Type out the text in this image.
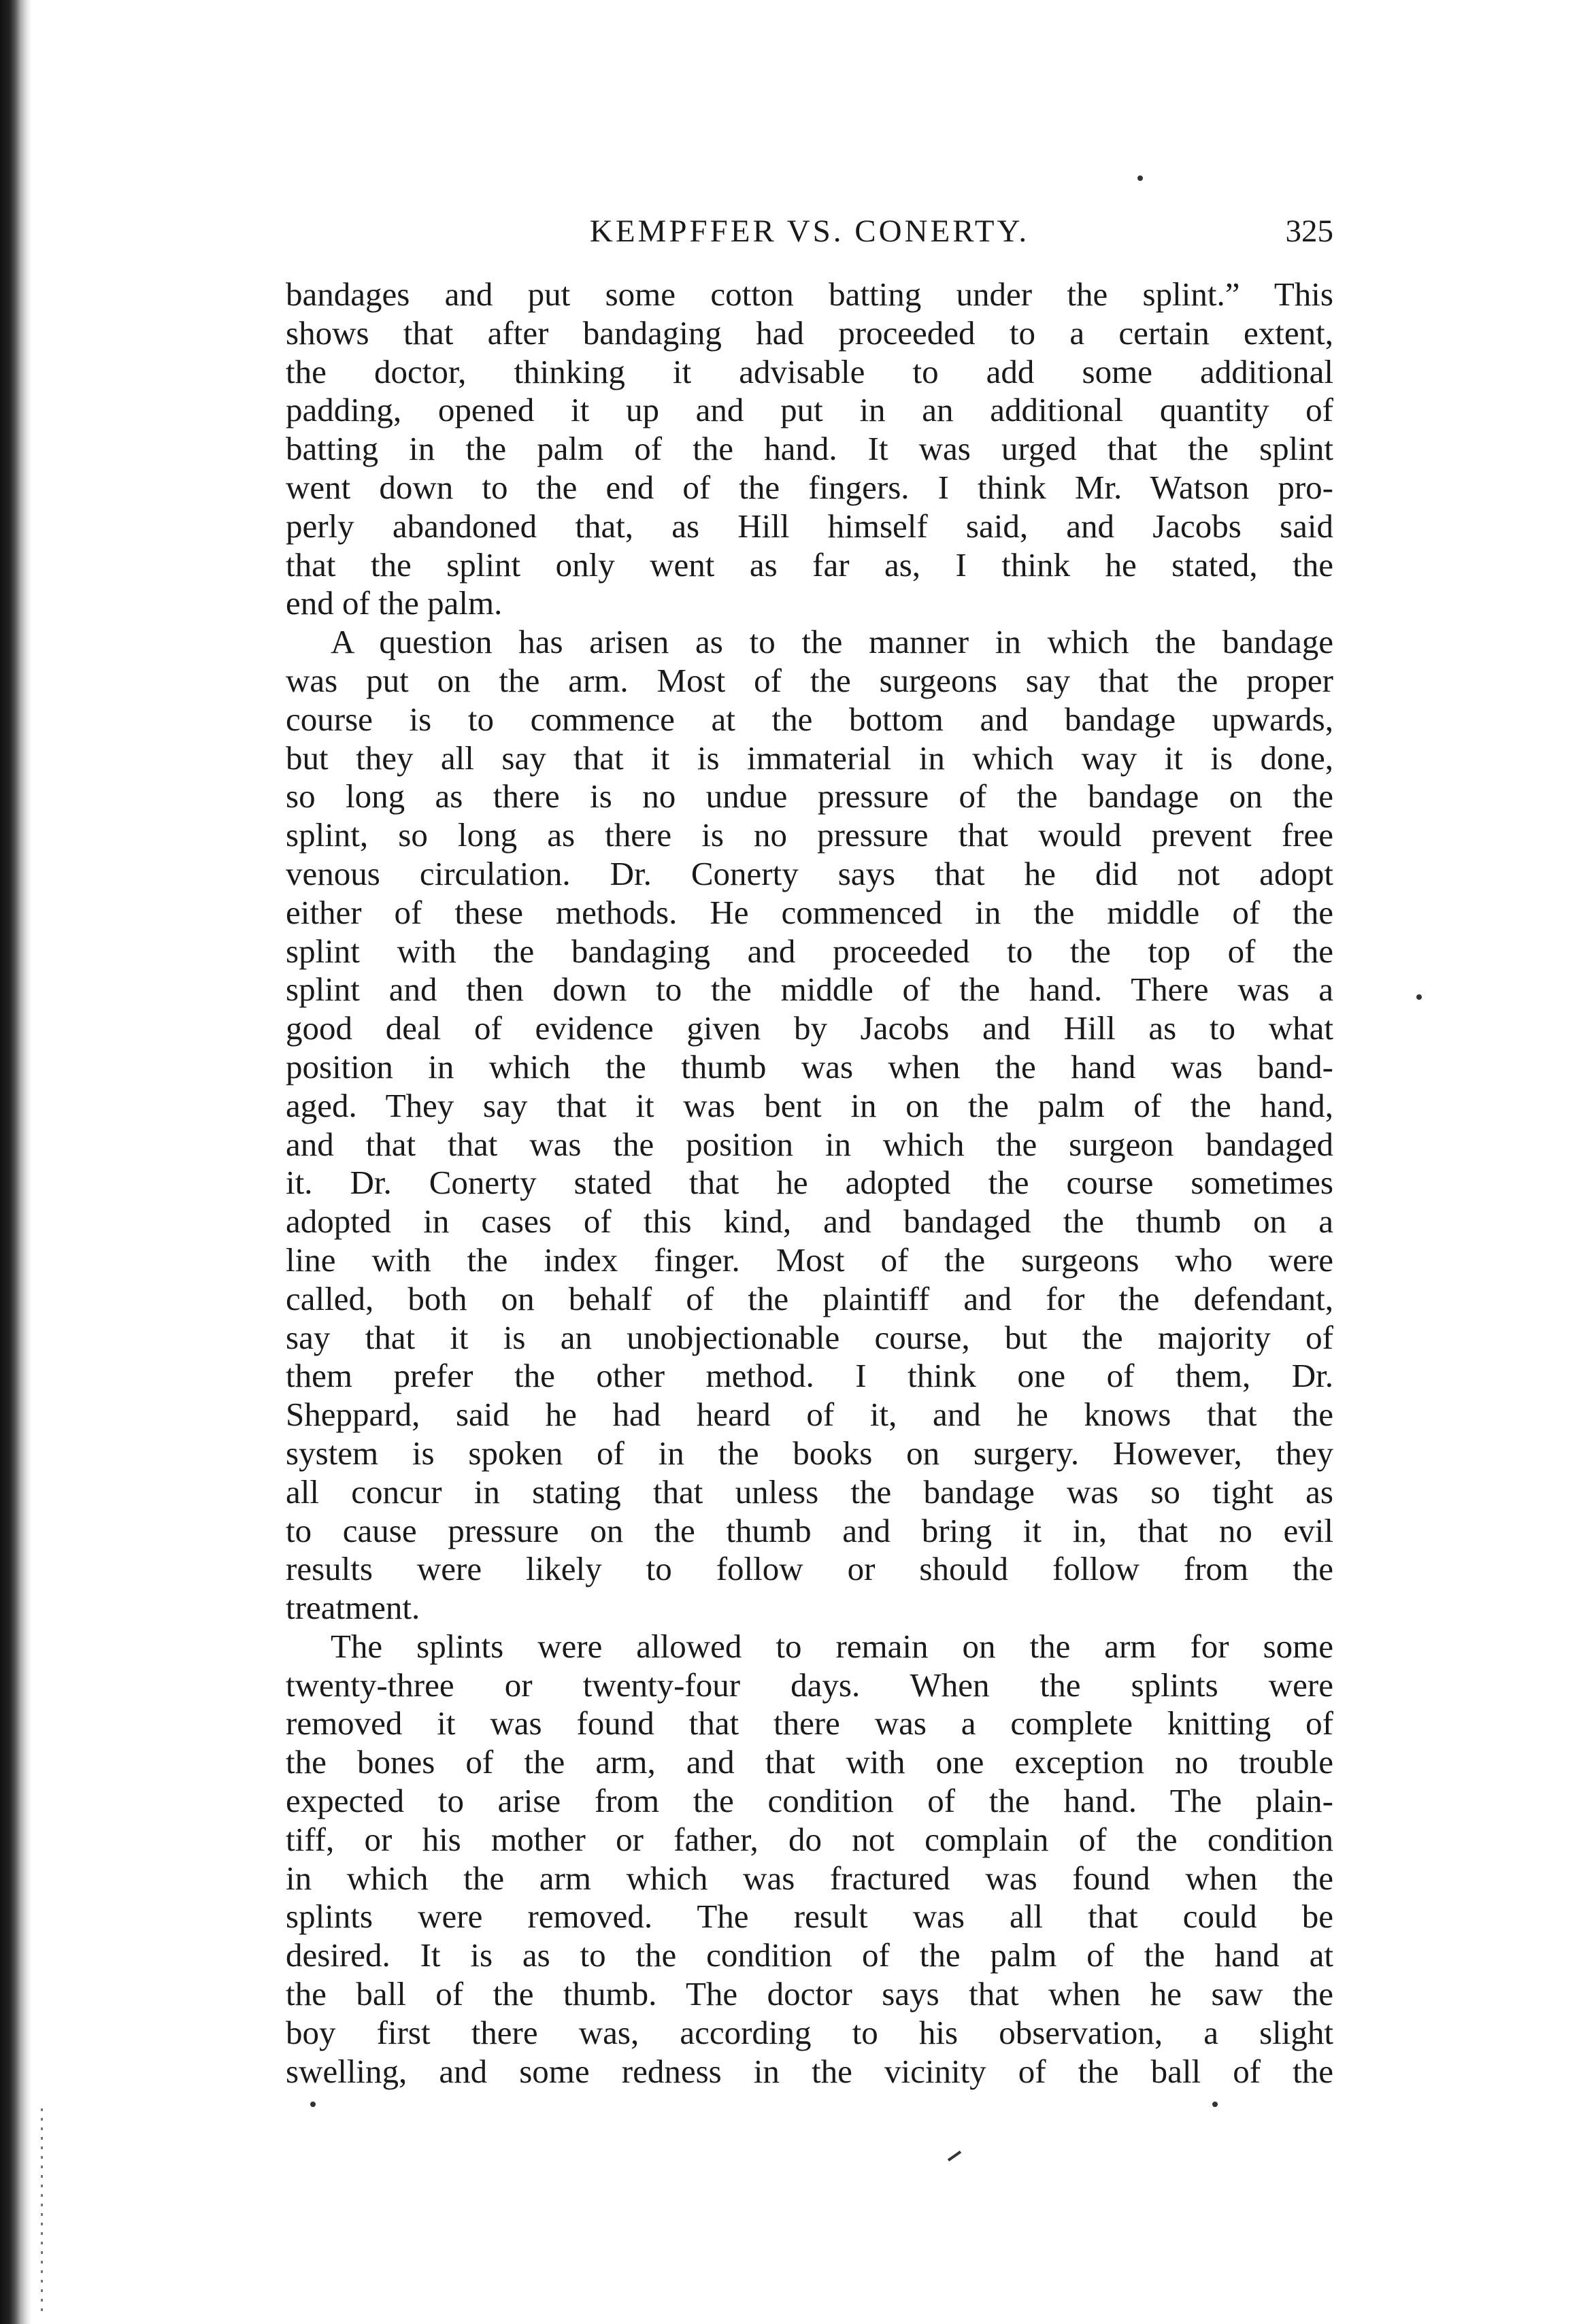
KEMPFFER VS. CONERTY.	325

bandages and put some cotton batting under the splint.” This

shows that after bandaging had proceeded to a certain extent,

the doctor, thinking it advisable to add some additional

padding, opened it up and put in an additional quantity of

batting in the palm of the hand. It was urged that the splint

went down to the end of the fingers. I think Mr. Watson pro-

perly abandoned that, as Hill himself said, and Jacobs said

that the splint only went as far as, I think he stated, the

end of the palm.

A question has arisen as to the manner in which the bandage

was put on the arm. Most of the surgeons say that the proper

course is to commence at the bottom and bandage upwards,

but they all say that it is immaterial in which way it is done,

so long as there is no undue pressure of the bandage on the

splint, so long as there is no pressure that would prevent free

venous circulation. Dr. Conerty says that he did not adopt

either of these methods. He commenced in the middle of the

splint with the bandaging and proceeded to the top of the

splint and then down to the middle of the hand. There was a

good deal of evidence given by Jacobs and Hill as to what

position in which the thumb was when the hand was band-

aged. They say that it was bent in on the palm of the hand,

and that that was the position in which the surgeon bandaged

it. Dr. Conerty stated that he adopted the course sometimes

adopted in cases of this kind, and bandaged the thumb on a

line with the index finger. Most of the surgeons who were

called, both on behalf of the plaintiff and for the defendant,

say that it is an unobjectionable course, but the majority of

them prefer the other method. I think one of them, Dr.

Sheppard, said he had heard of it, and he knows that the

system is spoken of in the books on surgery. However, they

all concur in stating that unless the bandage was so tight as

to cause pressure on the thumb and bring it in, that no evil

results were likely to follow or should follow from the

treatment.

The splints were allowed to remain on the arm for some

twenty-three or twenty-four days. When the splints were

removed it was found that there was a complete knitting of

the bones of the arm, and that with one exception no trouble

expected to arise from the condition of the hand. The plain-

tiff, or his mother or father, do not complain of the condition

in which the arm which was fractured was found when the

splints were removed. The result was all that could be

desired. It is as to the condition of the palm of the hand at

the ball of the thumb. The doctor says that when he saw the

boy first there was, according to his observation, a slight

swelling, and some redness in the vicinity of the ball of the
